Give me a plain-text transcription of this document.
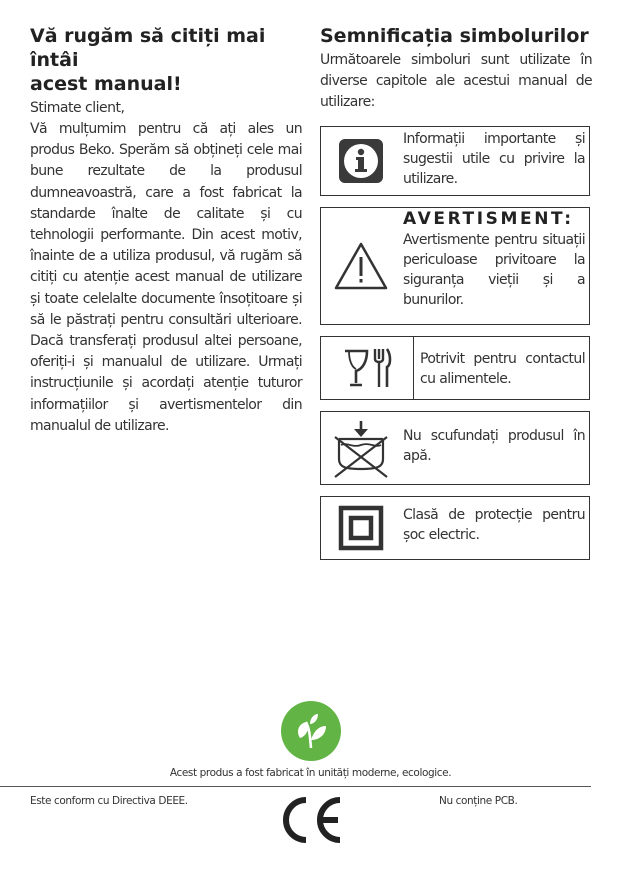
Vă rugăm să citiți mai întâi
acest manual!
Stimate client,
Vă mulțumim pentru că ați ales un produs Beko. Sperăm să obțineți cele mai bune rezultate de la produsul dumneavoastră, care a fost fabricat la standarde înalte de calitate și cu tehnologii performante. Din acest motiv, înainte de a utiliza produsul, vă rugăm să citiți cu atenție acest manual de utilizare și toate celelalte documente însoțitoare și să le păstrați pentru consultări ulterioare. Dacă transferați produsul altei persoane, oferiți-i și manualul de utilizare. Urmați instrucțiunile și acordați atenție tuturor informațiilor și avertismentelor din manualul de utilizare.
Semnificația simbolurilor
Următoarele simboluri sunt utilizate în diverse capitole ale acestui manual de utilizare:
Informații importante și sugestii utile cu privire la utilizare.
AVERTISMENT:
Avertismente pentru situații periculoase privitoare la siguranța vieții și a bunurilor.
Potrivit pentru contactul cu alimentele.
Nu scufundați produsul în apă.
Clasă de protecție pentru șoc electric.
Acest produs a fost fabricat în unități moderne, ecologice.
Este conform cu Directiva DEEE.	Nu conține PCB.
